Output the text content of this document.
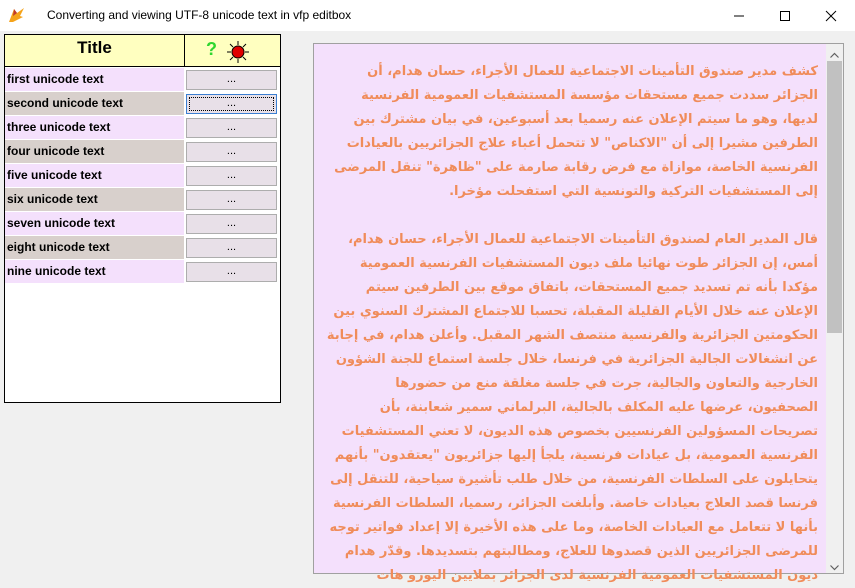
Converting and viewing UTF-8 unicode text in vfp editbox
Title	?
first unicode text	...
second unicode text	...
three unicode text	...
four unicode text	...
five unicode text	...
six unicode text	...
seven unicode text	...
eight unicode text	...
nine unicode text	...
كشف مدير صندوق التأمينات الاجتماعية للعمال الأجراء، حسان هدام، أن الجزائر سددت جميع مستحقات مؤسسة المستشفيات العمومية الفرنسية لديها، وهو ما سيتم الإعلان عنه رسميا بعد أسبوعين، في بيان مشترك بين الطرفين مشيرا إلى أن "الاكناص" لا تتحمل أعباء علاج الجزائريين بالعيادات الفرنسية الخاصة، موازاة مع فرض رقابة صارمة على "ظاهرة" تنقل المرضى إلى المستشفيات التركية والتونسية التي استفحلت مؤخرا.

قال المدير العام لصندوق التأمينات الاجتماعية للعمال الأجراء، حسان هدام، أمس، إن الجزائر طوت نهائيا ملف ديون المستشفيات الفرنسية العمومية مؤكدا بأنه تم تسديد جميع المستحقات، باتفاق موقع بين الطرفين سيتم الإعلان عنه خلال الأيام القليلة المقبلة، تحسبا للاجتماع المشترك السنوي بين الحكومتين الجزائرية والفرنسية منتصف الشهر المقبل. وأعلن هدام، في إجابة عن انشغالات الجالية الجزائرية في فرنسا، خلال جلسة استماع للجنة الشؤون الخارجية والتعاون والجالية، جرت في جلسة مغلقة منع من حضورها الصحفيون، عرضها عليه المكلف بالجالية، البرلماني سمير شعابنة، بأن تصريحات المسؤولين الفرنسيين بخصوص هذه الديون، لا تعني المستشفيات الفرنسية العمومية، بل عيادات فرنسية، يلجأ إليها جزائريون "يعتقدون" بأنهم يتحايلون على السلطات الفرنسية، من خلال طلب تأشيرة سياحية، للتنقل إلى فرنسا قصد العلاج بعيادات خاصة. وأبلغت الجزائر، رسميا، السلطات الفرنسية بأنها لا تتعامل مع العيادات الخاصة، وما على هذه الأخيرة إلا إعداد فواتير توجه للمرضى الجزائريين الذين قصدوها للعلاج، ومطالبتهم بتسديدها. وقدّر هدام ديون المستشفيات العمومية الفرنسية لدى الجزائر بملايين اليورو هات
